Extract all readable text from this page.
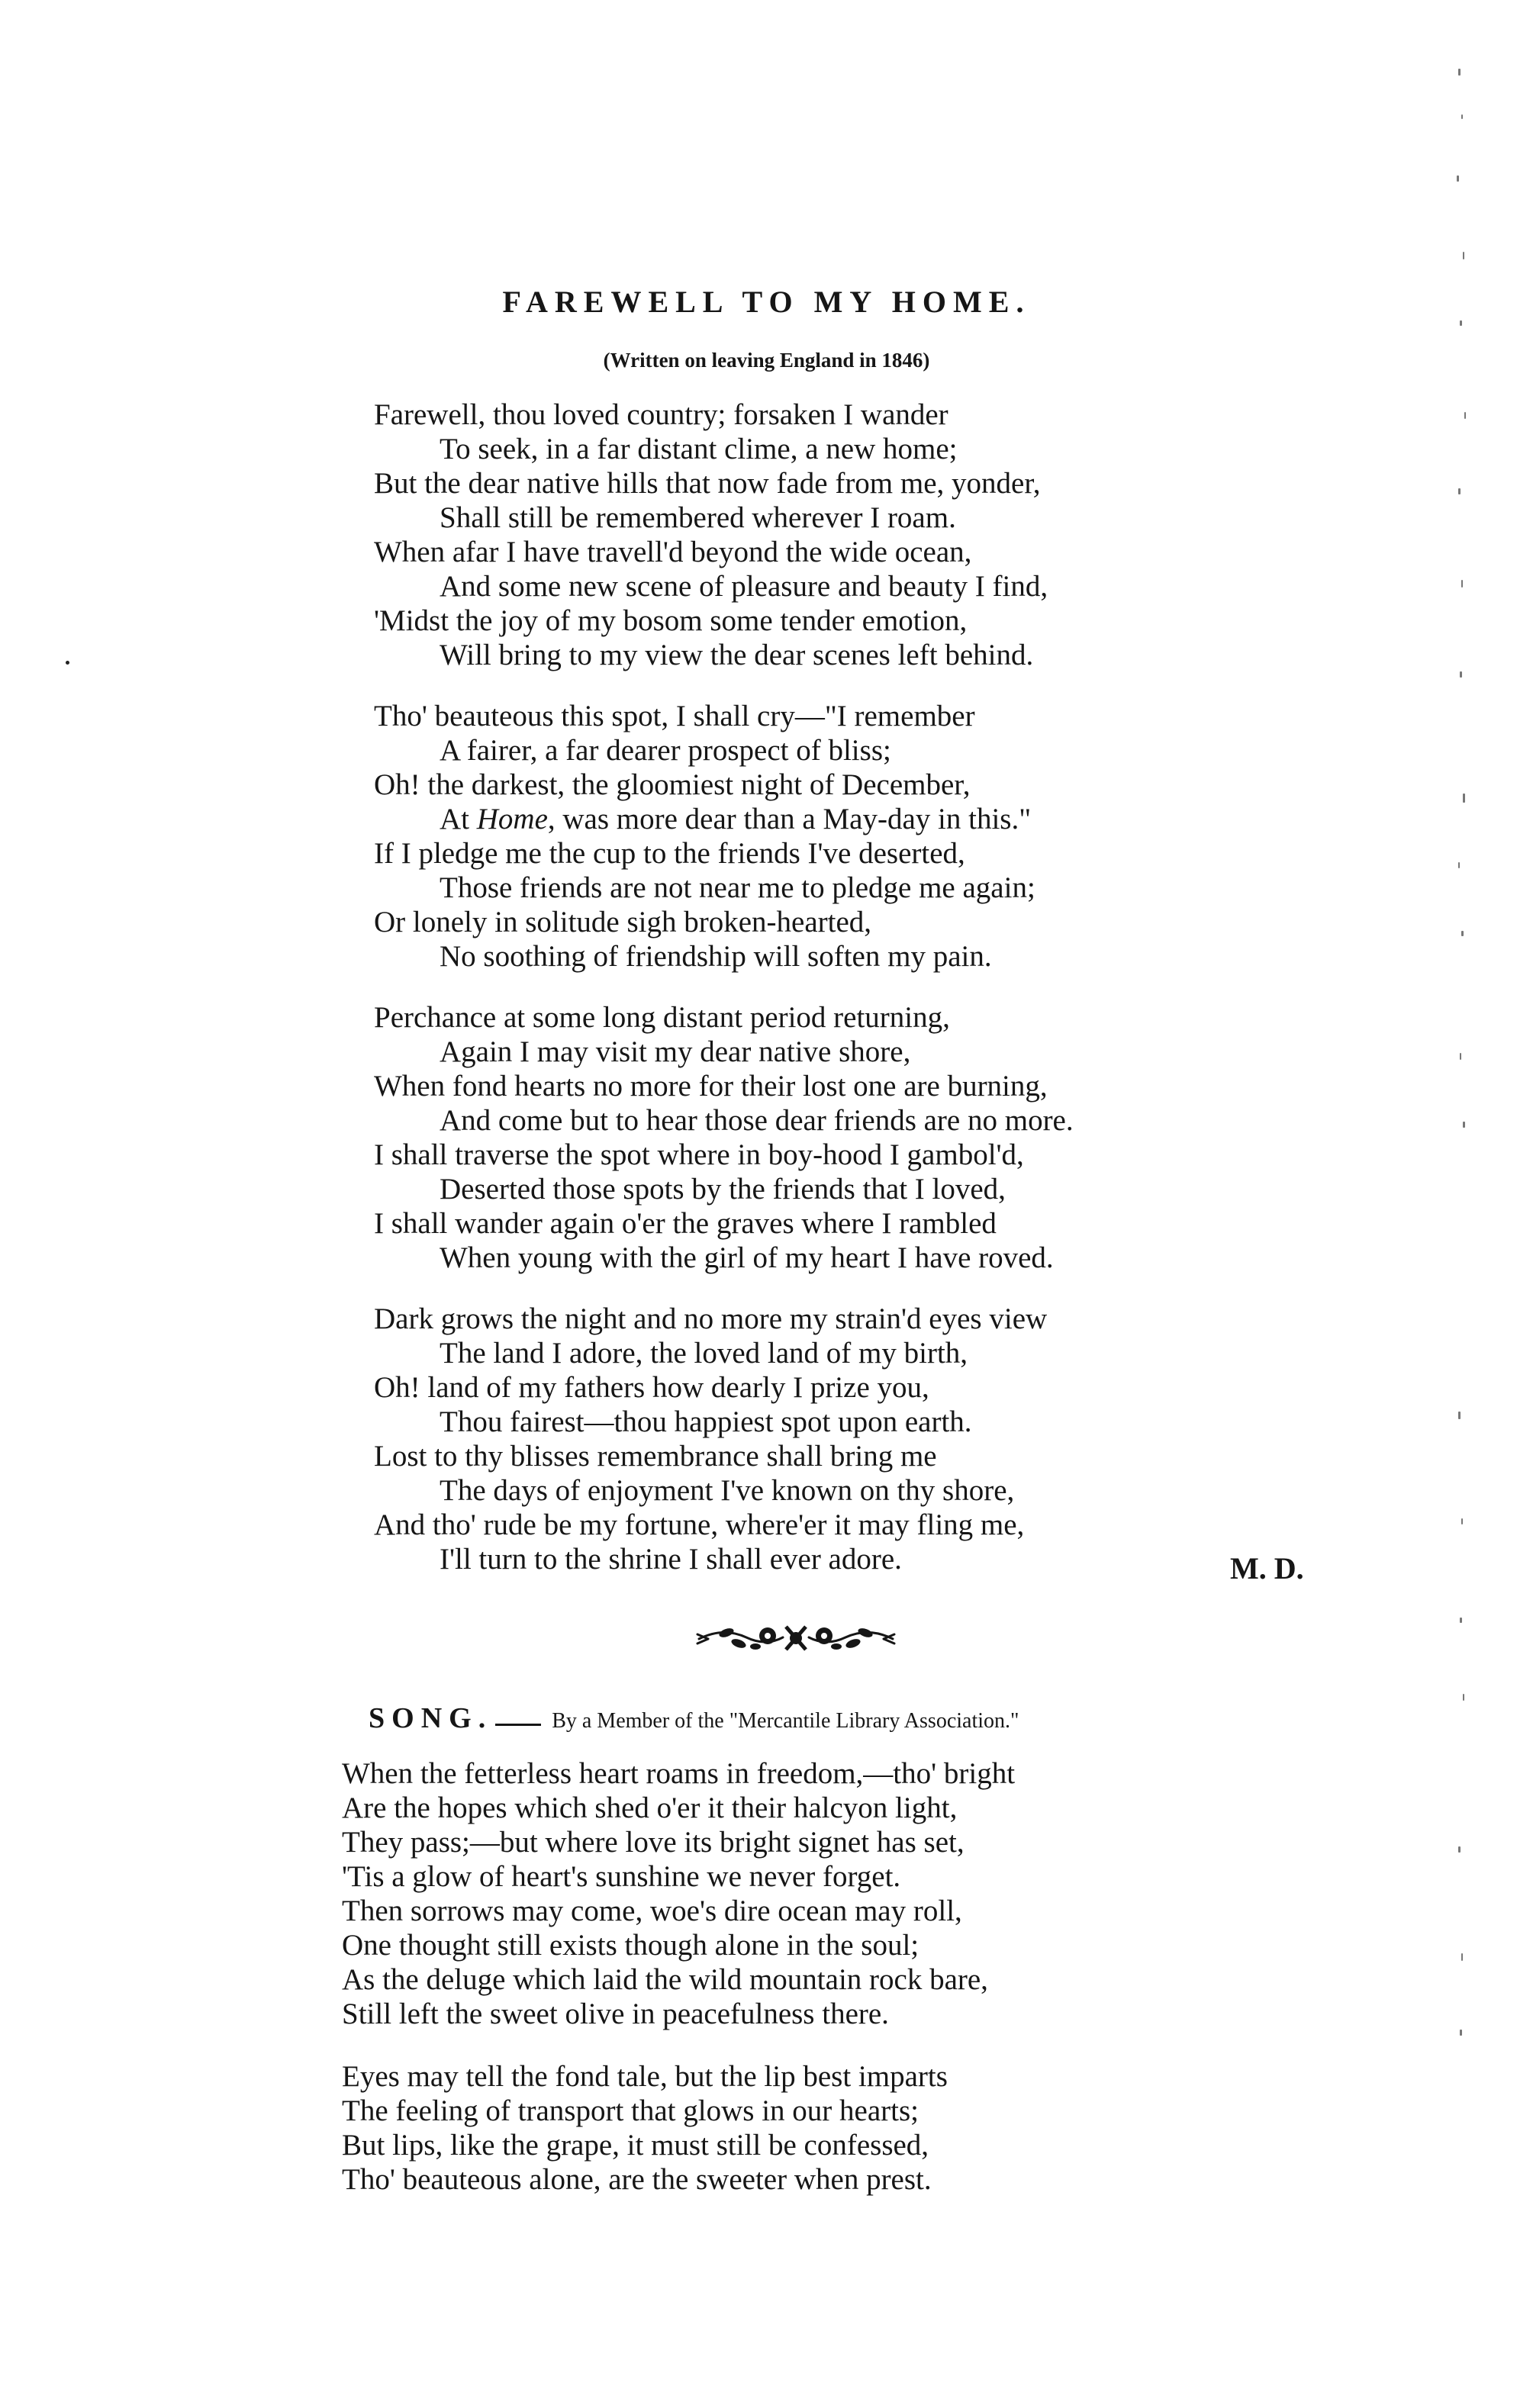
FAREWELL TO MY HOME.
(Written on leaving England in 1846)
Farewell, thou loved country; forsaken I wander
To seek, in a far distant clime, a new home;
But the dear native hills that now fade from me, yonder,
Shall still be remembered wherever I roam.
When afar I have travell'd beyond the wide ocean,
And some new scene of pleasure and beauty I find,
'Midst the joy of my bosom some tender emotion,
Will bring to my view the dear scenes left behind.
Tho' beauteous this spot, I shall cry—"I remember
A fairer, a far dearer prospect of bliss;
Oh! the darkest, the gloomiest night of December,
At Home, was more dear than a May-day in this."
If I pledge me the cup to the friends I've deserted,
Those friends are not near me to pledge me again;
Or lonely in solitude sigh broken-hearted,
No soothing of friendship will soften my pain.
Perchance at some long distant period returning,
Again I may visit my dear native shore,
When fond hearts no more for their lost one are burning,
And come but to hear those dear friends are no more.
I shall traverse the spot where in boy-hood I gambol'd,
Deserted those spots by the friends that I loved,
I shall wander again o'er the graves where I rambled
When young with the girl of my heart I have roved.
Dark grows the night and no more my strain'd eyes view
The land I adore, the loved land of my birth,
Oh! land of my fathers how dearly I prize you,
Thou fairest—thou happiest spot upon earth.
Lost to thy blisses remembrance shall bring me
The days of enjoyment I've known on thy shore,
And tho' rude be my fortune, where'er it may fling me,
I'll turn to the shrine I shall ever adore.	M. D.
SONG.	By a Member of the "Mercantile Library Association."
When the fetterless heart roams in freedom,—tho' bright
Are the hopes which shed o'er it their halcyon light,
They pass;—but where love its bright signet has set,
'Tis a glow of heart's sunshine we never forget.
Then sorrows may come, woe's dire ocean may roll,
One thought still exists though alone in the soul;
As the deluge which laid the wild mountain rock bare,
Still left the sweet olive in peacefulness there.
Eyes may tell the fond tale, but the lip best imparts
The feeling of transport that glows in our hearts;
But lips, like the grape, it must still be confessed,
Tho' beauteous alone, are the sweeter when prest.
